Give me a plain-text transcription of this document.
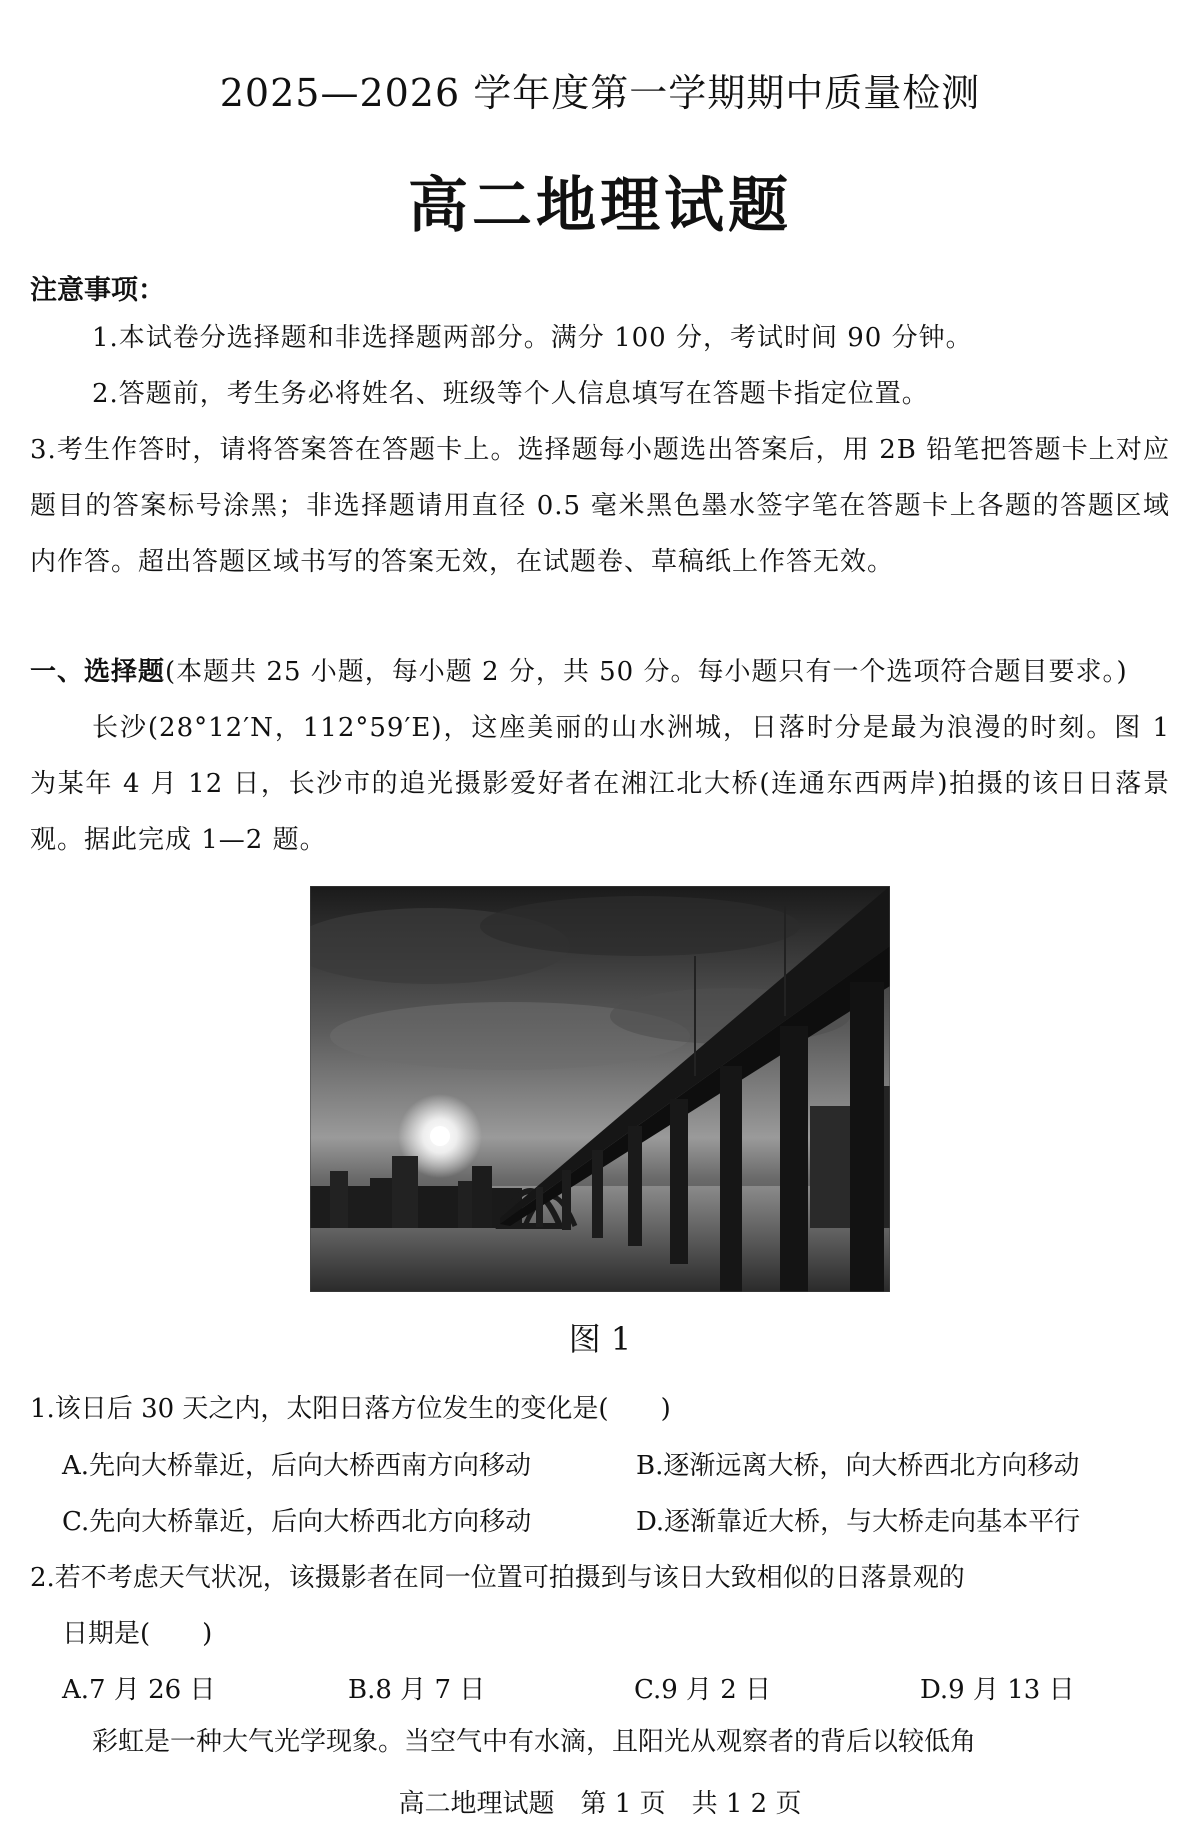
2025—2026 学年度第一学期期中质量检测
高二地理试题
注意事项：
1.本试卷分选择题和非选择题两部分。满分 100 分，考试时间 90 分钟。
2.答题前，考生务必将姓名、班级等个人信息填写在答题卡指定位置。
3.考生作答时，请将答案答在答题卡上。选择题每小题选出答案后，用 2B 铅笔把答题卡上对应题目的答案标号涂黑；非选择题请用直径 0.5 毫米黑色墨水签字笔在答题卡上各题的答题区域内作答。超出答题区域书写的答案无效，在试题卷、草稿纸上作答无效。
一、选择题(本题共 25 小题，每小题 2 分，共 50 分。每小题只有一个选项符合题目要求。)
长沙(28°12′N，112°59′E)，这座美丽的山水洲城，日落时分是最为浪漫的时刻。图 1 为某年 4 月 12 日，长沙市的追光摄影爱好者在湘江北大桥(连通东西两岸)拍摄的该日日落景观。据此完成 1—2 题。
图 1
1.该日后 30 天之内，太阳日落方位发生的变化是(　　)
A.先向大桥靠近，后向大桥西南方向移动	B.逐渐远离大桥，向大桥西北方向移动
C.先向大桥靠近，后向大桥西北方向移动	D.逐渐靠近大桥，与大桥走向基本平行
2.若不考虑天气状况，该摄影者在同一位置可拍摄到与该日大致相似的日落景观的
日期是(　　)
A.7 月 26 日	B.8 月 7 日	C.9 月 2 日	D.9 月 13 日
彩虹是一种大气光学现象。当空气中有水滴，且阳光从观察者的背后以较低角
高二地理试题　第 1 页　共 1 2 页
